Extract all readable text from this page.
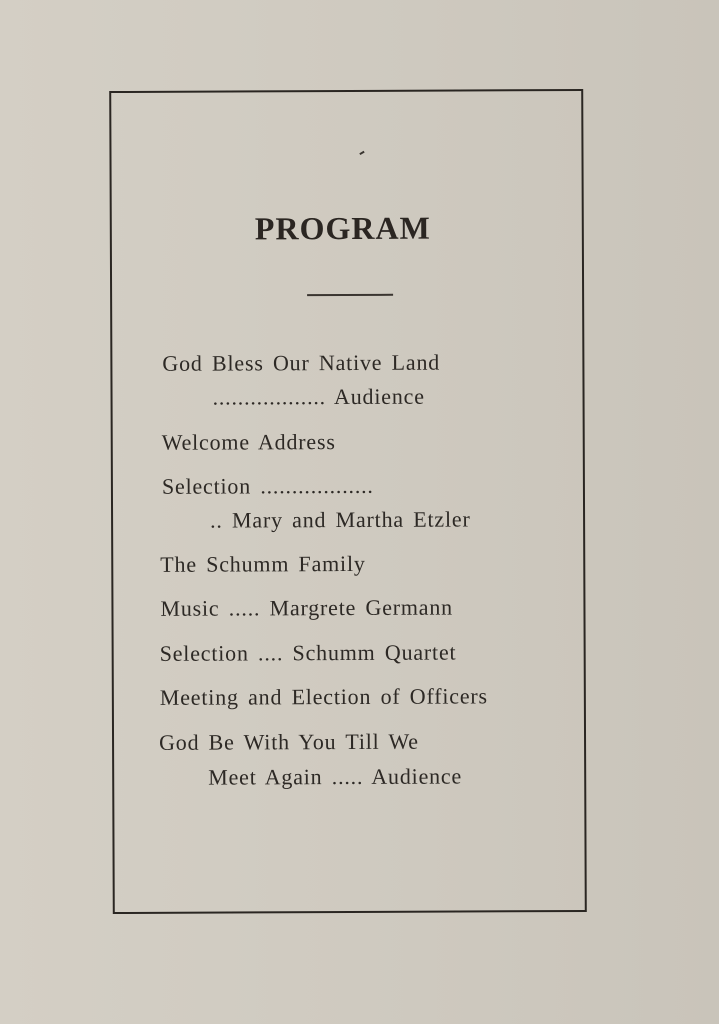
PROGRAM
God Bless Our Native Land
.................. Audience
Welcome Address
Selection ..................
.. Mary and Martha Etzler
The Schumm Family
Music ..... Margrete Germann
Selection .... Schumm Quartet
Meeting and Election of Officers
God Be With You Till We
Meet Again ..... Audience
